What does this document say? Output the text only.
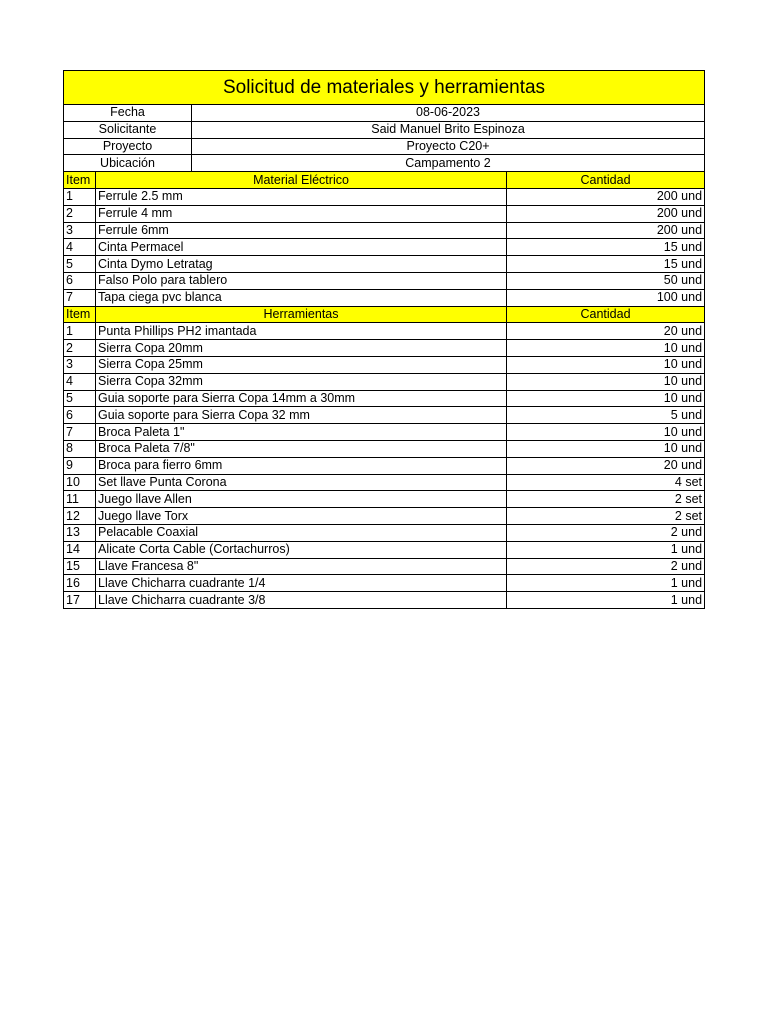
Solicitud de materiales y herramientas			
Fecha		08-06-2023	
Solicitante		Said Manuel Brito Espinoza	
Proyecto		Proyecto C20+	
Ubicación		Campamento 2	
Item	Material Eléctrico		Cantidad
1	Ferrule 2.5 mm		200 und
2	Ferrule 4 mm		200 und
3	Ferrule 6mm		200 und
4	Cinta Permacel		15 und
5	Cinta Dymo Letratag		15 und
6	Falso Polo para tablero		50 und
7	Tapa ciega pvc blanca		100 und
Item	Herramientas		Cantidad
1	Punta Phillips PH2 imantada		20 und
2	Sierra Copa 20mm		10 und
3	Sierra Copa 25mm		10 und
4	Sierra Copa 32mm		10 und
5	Guia soporte para Sierra Copa 14mm a 30mm		10 und
6	Guia soporte para Sierra Copa 32 mm		5 und
7	Broca Paleta 1"		10 und
8	Broca Paleta 7/8"		10 und
9	Broca para fierro 6mm		20 und
10	Set llave Punta Corona		4 set
11	Juego llave Allen		2 set
12	Juego llave Torx		2 set
13	Pelacable Coaxial		2 und
14	Alicate Corta Cable (Cortachurros)		1 und
15	Llave Francesa 8"		2 und
16	Llave Chicharra cuadrante 1/4		1 und
17	Llave Chicharra cuadrante 3/8		1 und
